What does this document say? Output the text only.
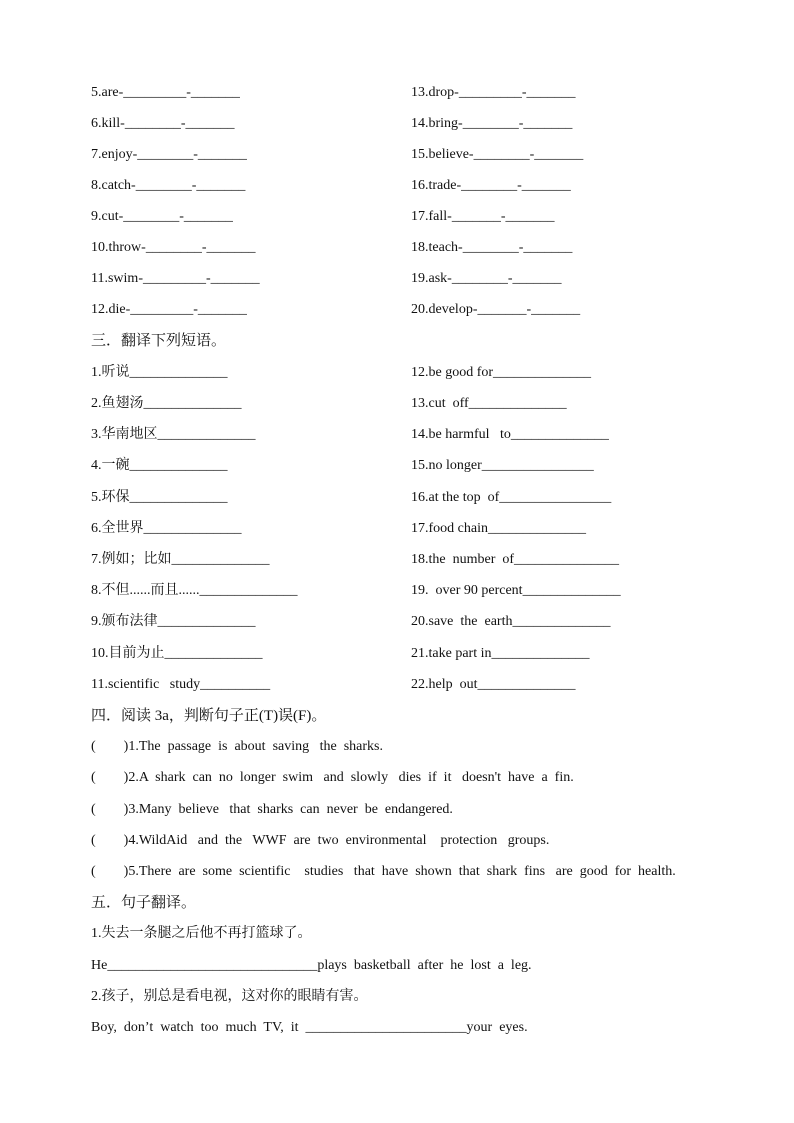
5.are-_________-_______
6.kill-________-_______
7.enjoy-________-_______
8.catch-________-_______
9.cut-________-_______
10.throw-________-_______
11.swim-_________-_______
12.die-_________-_______
13.drop-_________-_______
14.bring-________-_______
15.believe-________-_______
16.trade-________-_______
17.fall-_______-_______
18.teach-________-_______
19.ask-________-_______
20.develop-_______-_______
三．翻译下列短语。
1.听说______________
2.鱼翅汤______________
3.华南地区______________
4.一碗______________
5.环保______________
6.全世界______________
7.例如；比如______________
8.不但......而且......______________
9.颁布法律______________
10.目前为止______________
11.scientific   study__________
12.be good for______________
13.cut  off______________
14.be harmful   to______________
15.no longer________________
16.at the top  of________________
17.food chain______________
18.the  number  of_______________
19.  over 90 percent______________
20.save  the  earth______________
21.take part in______________
22.help  out______________
四．阅读 3a，判断句子正(T)误(F)。
(        )1.The  passage  is  about  saving   the  sharks.
(        )2.A  shark  can  no  longer  swim   and  slowly   dies  if  it   doesn't  have  a  fin.
(        )3.Many  believe   that  sharks  can  never  be  endangered.
(        )4.WildAid   and  the   WWF  are  two  environmental    protection   groups.
(        )5.There  are  some  scientific    studies   that  have  shown  that  shark  fins   are  good  for  health.
五．句子翻译。
1.失去一条腿之后他不再打篮球了。
He______________________________plays  basketball  after  he  lost  a  leg.
2.孩子，别总是看电视，这对你的眼睛有害。
Boy,  don’t  watch  too  much  TV,  it  _______________________your  eyes.
